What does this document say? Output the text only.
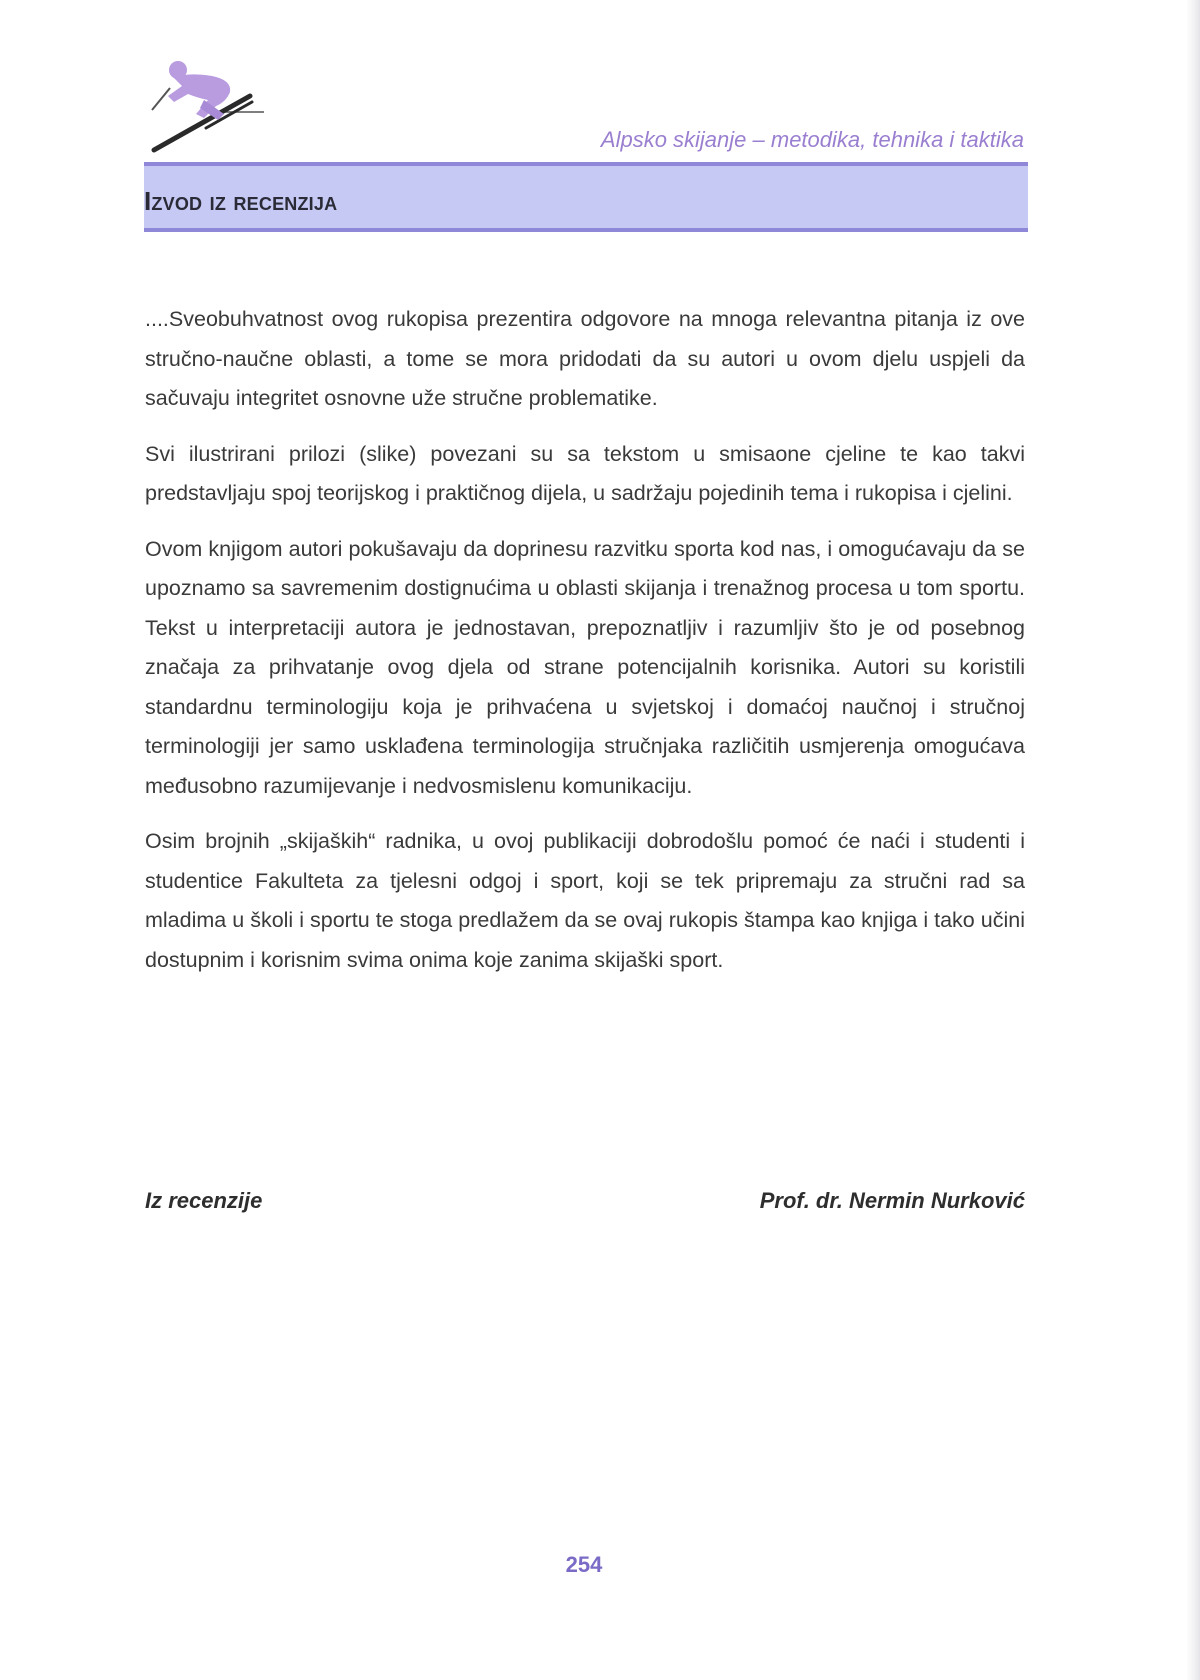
Alpsko skijanje – metodika, tehnika i taktika
Izvod iz recenzija

....Sveobuhvatnost ovog rukopisa prezentira odgovore na mnoga relevantna pitanja iz ove stručno-naučne oblasti, a tome se mora pridodati da su autori u ovom djelu uspjeli da sačuvaju integritet osnovne uže stručne problematike.

Svi ilustrirani prilozi (slike) povezani su sa tekstom u smisaone cjeline te kao takvi predstavljaju spoj teorijskog i praktičnog dijela, u sadržaju pojedinih tema i rukopisa i cjelini.

Ovom knjigom autori pokušavaju da doprinesu razvitku sporta kod nas, i omogućavaju da se upoznamo sa savremenim dostignućima u oblasti skijanja i trenažnog procesa u tom sportu. Tekst u interpretaciji autora je jednostavan, prepoznatljiv i razumljiv što je od posebnog značaja za prihvatanje ovog djela od strane potencijalnih korisnika. Autori su koristili standardnu terminologiju koja je prihvaćena u svjetskoj i domaćoj naučnoj i stručnoj terminologiji jer samo usklađena terminologija stručnjaka različitih usmjerenja omogućava međusobno razumijevanje i nedvosmislenu komunikaciju.

Osim brojnih „skijaških“ radnika, u ovoj publikaciji dobrodošlu pomoć će naći i studenti i studentice Fakulteta za tjelesni odgoj i sport, koji se tek pripremaju za stručni rad sa mladima u školi i sportu te stoga predlažem da se ovaj rukopis štampa kao knjiga i tako učini dostupnim i korisnim svima onima koje zanima skijaški sport.

Iz recenzije	Prof. dr. Nermin Nurković
254
